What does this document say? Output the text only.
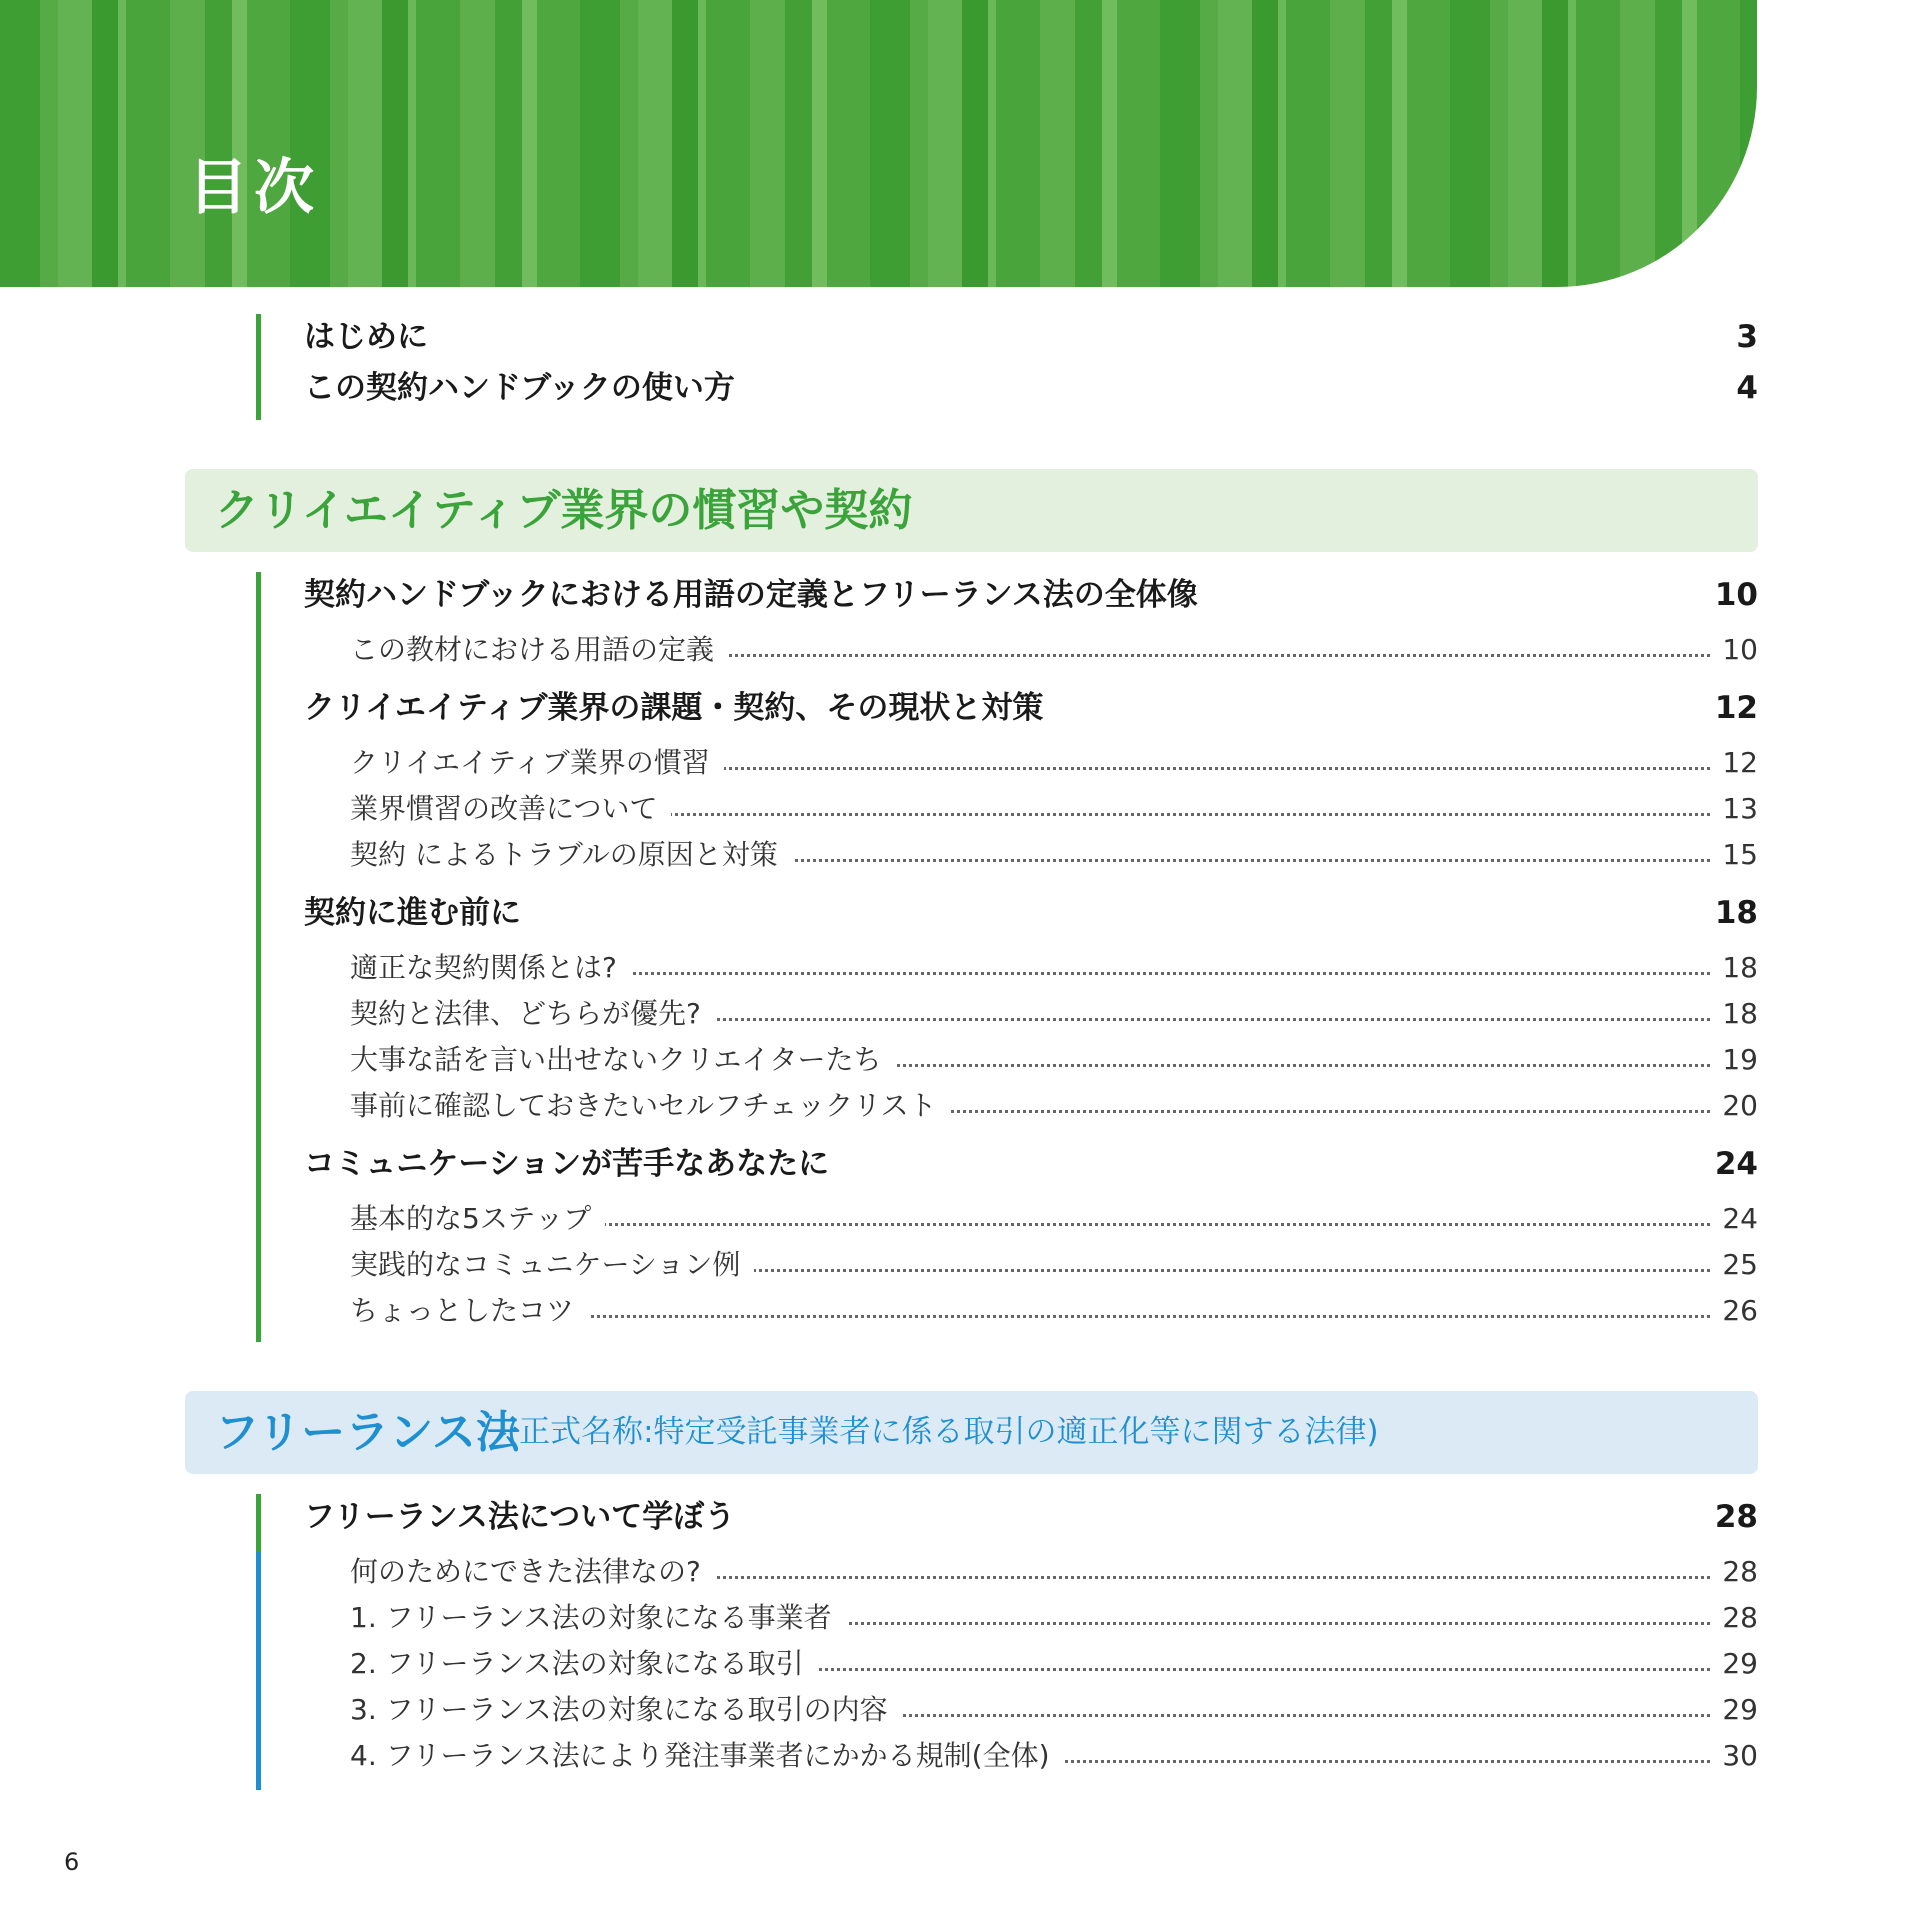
目次
はじめに	3
この契約ハンドブックの使い方	4
クリイエイティブ業界の慣習や契約
契約ハンドブックにおける用語の定義とフリーランス法の全体像	10
この教材における用語の定義	10
クリイエイティブ業界の課題・契約、その現状と対策	12
クリイエイティブ業界の慣習	12
業界慣習の改善について	13
契約 によるトラブルの原因と対策	15
契約に進む前に	18
適正な契約関係とは?	18
契約と法律、どちらが優先?	18
大事な話を言い出せないクリエイターたち	19
事前に確認しておきたいセルフチェックリスト	20
コミュニケーションが苦手なあなたに	24
基本的な5ステップ	24
実践的なコミュニケーション例	25
ちょっとしたコツ	26
フリーランス法
(正式名称:特定受託事業者に係る取引の適正化等に関する法律)
フリーランス法について学ぼう	28
何のためにできた法律なの?	28
1. フリーランス法の対象になる事業者	28
2. フリーランス法の対象になる取引	29
3. フリーランス法の対象になる取引の内容	29
4. フリーランス法により発注事業者にかかる規制(全体)	30
6
